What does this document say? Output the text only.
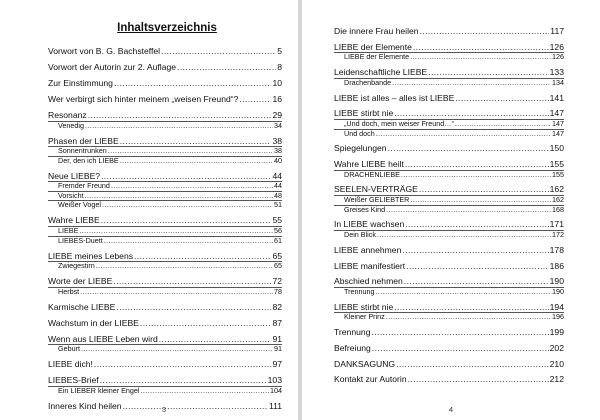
Inhaltsverzeichnis
Vorwort von B. G. Bachsteffel .....	5
Vorwort der Autorin zur 2. Auflage .....	8
Zur Einstimmung .....	10
Wer verbirgt sich hinter meinem „weisen Freund“? .....	16
Resonanz .....	29
Venedig .....	34
Phasen der LIEBE .....	38
Sonnentrunken .....	38
Der, den ich LIEBE .....	40
Neue LIEBE? .....	44
Fremder Freund .....	44
Vorsicht .....	48
Weißer Vogel .....	51
Wahre LIEBE .....	55
LIEBE .....	56
LIEBES-Duett .....	61
LIEBE meines Lebens .....	65
Zwiegestirn .....	65
Worte der LIEBE .....	72
Herbst .....	78
Karmische LIEBE .....	82
Wachstum in der LIEBE .....	87
Wenn aus LIEBE Leben wird .....	91
Geburt .....	91
LIEBE dich! .....	97
LIEBES-Brief .....	103
Ein LIEBER kleiner Engel .....	104
Inneres Kind heilen .....	111
3
Die innere Frau heilen .....	117
LIEBE der Elemente .....	126
LIEBE der Elemente .....	126
Leidenschaftliche LIEBE .....	133
Drachenbande .....	134
LIEBE ist alles – alles ist LIEBE .....	141
LIEBE stirbt nie .....	147
„Und doch, mein weiser Freund…“ .....	147
Und doch .....	147
Spiegelungen .....	150
Wahre LIEBE heilt .....	155
DRACHENLIEBE .....	155
SEELEN-VERTRÄGE .....	162
Weißer GELIEBTER .....	162
Greises Kind .....	168
In LIEBE wachsen .....	171
Dein Blick .....	172
LIEBE annehmen .....	178
LIEBE manifestiert .....	186
Abschied nehmen .....	190
Trennung .....	190
LIEBE stirbt nie .....	194
Kleiner Prinz .....	196
Trennung .....	199
Befreiung .....	202
DANKSAGUNG .....	210
Kontakt zur Autorin .....	212
4
